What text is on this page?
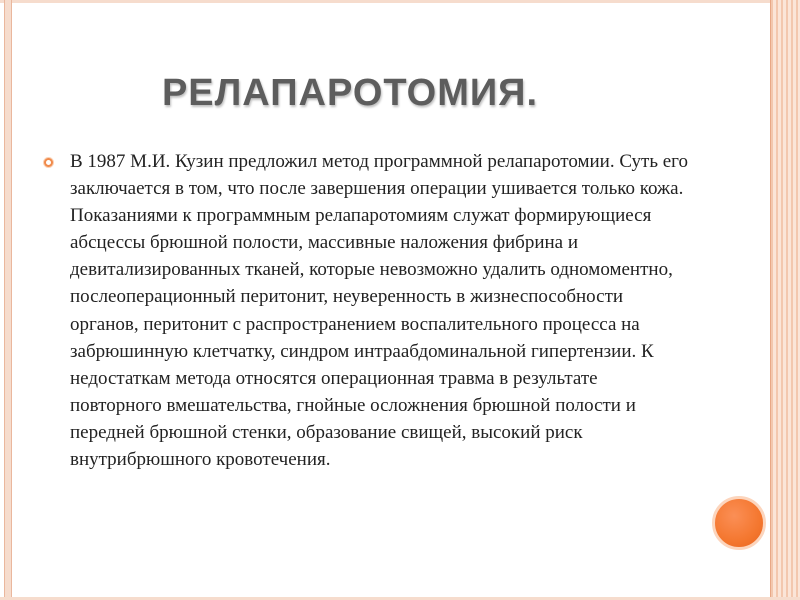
РЕЛАПАРОТОМИЯ.
В 1987 М.И. Кузин предложил метод программной релапаротомии. Суть его заключается в том, что после завершения операции ушивается только кожа. Показаниями к программным релапаротомиям служат формирующиеся абсцессы брюшной полости, массивные наложения фибрина и девитализированных тканей, которые невозможно удалить одномоментно, послеоперационный перитонит, неуверенность в жизнеспособности органов, перитонит с распространением воспалительного процесса на забрюшинную клетчатку, синдром интраабдоминальной гипертензии. К недостаткам метода относятся операционная травма в результате повторного вмешательства, гнойные осложнения брюшной полости и передней брюшной стенки, образование свищей, высокий риск внутрибрюшного кровотечения.
